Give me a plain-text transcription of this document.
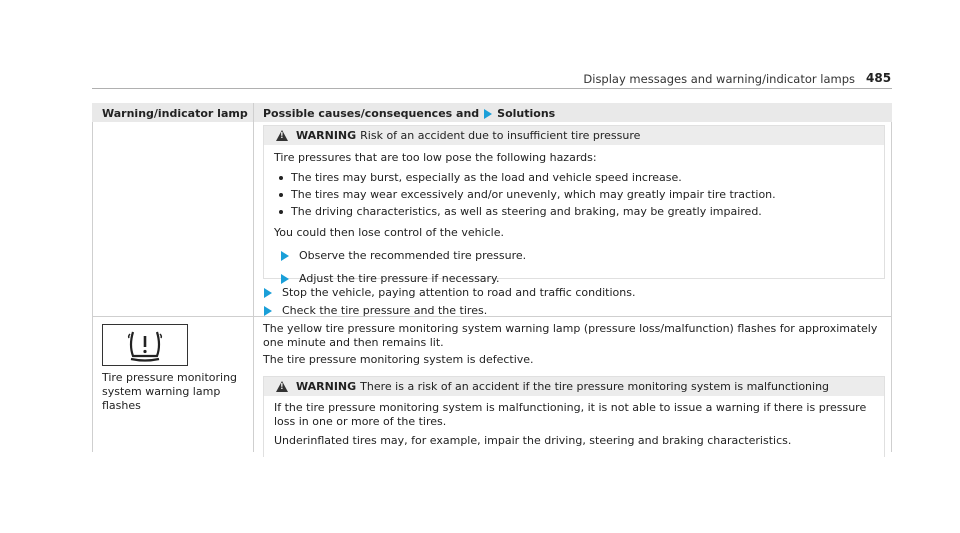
Display messages and warning/indicator lamps 485
Warning/indicator lamp Possible causes/consequences and Solutions
!
WARNING Risk of an accident due to insufficient tire pressure

Tire pressures that are too low pose the following hazards:

The tires may burst, especially as the load and vehicle speed increase.
The tires may wear excessively and/or unevenly, which may greatly impair tire traction.
The driving characteristics, as well as steering and braking, may be greatly impaired.

You could then lose control of the vehicle.

Observe the recommended tire pressure.
Adjust the tire pressure if necessary.
Stop the vehicle, paying attention to road and traffic conditions.
Check the tire pressure and the tires.
Tire pressure monitoring system warning lamp flashes
The yellow tire pressure monitoring system warning lamp (pressure loss/malfunction) flashes for approximately one minute and then remains lit.
The tire pressure monitoring system is defective.
!
WARNING There is a risk of an accident if the tire pressure monitoring system is malfunctioning

If the tire pressure monitoring system is malfunctioning, it is not able to issue a warning if there is pressure loss in one or more of the tires.

Underinflated tires may, for example, impair the driving, steering and braking characteristics.
